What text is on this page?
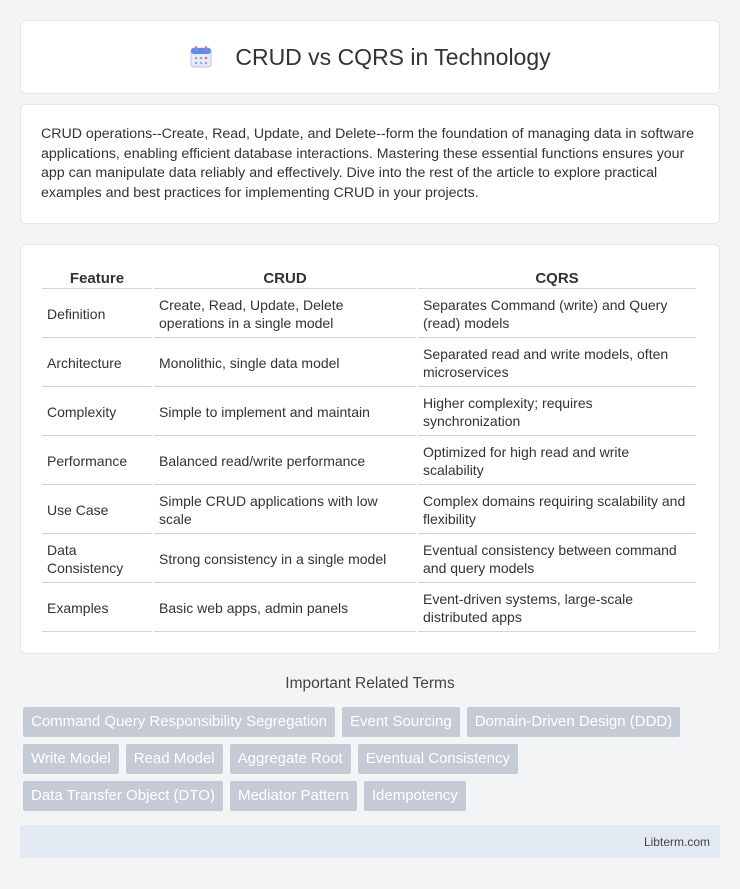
CRUD vs CQRS in Technology

CRUD operations--Create, Read, Update, and Delete--form the foundation of managing data in software applications, enabling efficient database interactions. Mastering these essential functions ensures your app can manipulate data reliably and effectively. Dive into the rest of the article to explore practical examples and best practices for implementing CRUD in your projects.

Feature	CRUD	CQRS
Definition	Create, Read, Update, Delete operations in a single model	Separates Command (write) and Query (read) models
Architecture	Monolithic, single data model	Separated read and write models, often microservices
Complexity	Simple to implement and maintain	Higher complexity; requires synchronization
Performance	Balanced read/write performance	Optimized for high read and write scalability
Use Case	Simple CRUD applications with low scale	Complex domains requiring scalability and flexibility
Data Consistency	Strong consistency in a single model	Eventual consistency between command and query models
Examples	Basic web apps, admin panels	Event-driven systems, large-scale distributed apps
Important Related Terms
Command Query Responsibility Segregation	Event Sourcing	Domain-Driven Design (DDD)
Write Model	Read Model	Aggregate Root	Eventual Consistency
Data Transfer Object (DTO)	Mediator Pattern	Idempotency
Libterm.com
